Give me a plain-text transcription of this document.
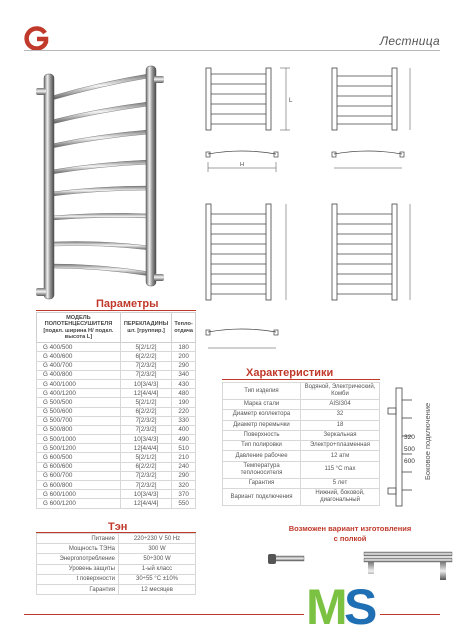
Лестница
L
H
Параметры
МОДЕЛЬ ПОЛОТЕНЦЕСУШИТЕЛЯ [подкл. ширина Н/ подкл. высота L]	ПЕРЕКЛАДИНЫ шт. [группир.]	Тепло-отдача
G 400/500	5[2/1/2]	180
G 400/600	6[2/2/2]	200
G 400/700	7[2/3/2]	290
G 400/800	7[2/3/2]	340
G 400/1000	10[3/4/3]	430
G 400/1200	12[4/4/4]	480
G 500/500	5[2/1/2]	190
G 500/600	6[2/2/2]	220
G 500/700	7[2/3/2]	330
G 500/800	7[2/3/2]	400
G 500/1000	10[3/4/3]	490
G 500/1200	12[4/4/4]	510
G 600/500	5[2/1/2]	210
G 600/600	6[2/2/2]	240
G 600/700	7[2/3/2]	290
G 600/800	7[2/3/2]	320
G 600/1000	10[3/4/3]	370
G 600/1200	12[4/4/4]	550
Тэн
Питание	220÷230 V 50 Hz
Мощность ТЭНа	300 W
Энергопотребление	50÷300 W
Уровень защиты	1-ый класс
t поверхности	30÷55 °C ±10%
Гарантия	12 месяцев
Характеристики
Тип изделия	Водяной, Электрический, Комби
Марка стали	AISI304
Диаметр коллектора	32
Диаметр перемычки	18
Поверхность	Зеркальная
Тип полировки	Электро+плазменная
Давление рабочее	12 атм
Температура теплоносителя	115 °C max
Гарантия	5 лет
Вариант подключения	Нижний, боковой, диагональный
320
500
600 Боковое подключение
Возможен вариант изготовления
с полкой
M
S
